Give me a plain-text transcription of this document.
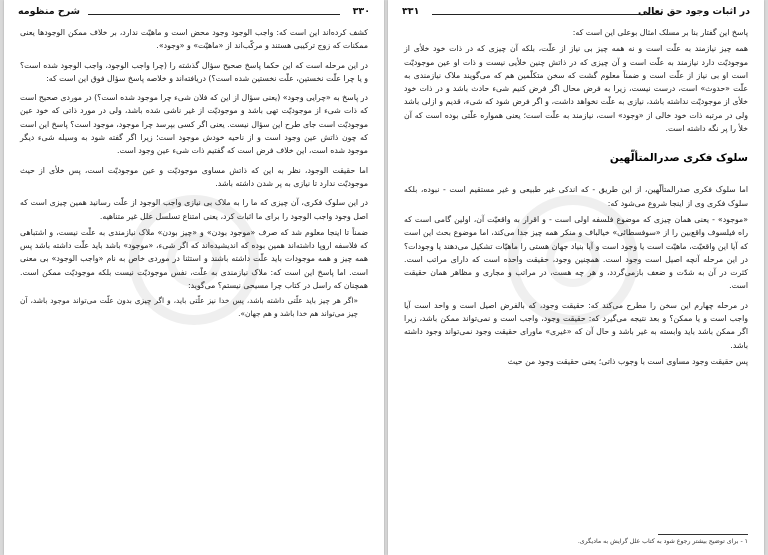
شرح منظومه	۳۳۰

کشف کرده‌اند این است که: واجب الوجود وجود محض است و ماهیّت ندارد، بر خلاف ممکن الوجودها یعنی ممکنات که زوج ترکیبی هستند و مرکّب‌اند از «ماهیّت» و «وجود».

در این مرحله است که این حکما پاسخ صحیح سؤال گذشته را (چرا واجب الوجود، واجب الوجود شده است؟ و یا چرا علّت نخستین، علّت نخستین شده است؟) دریافته‌اند و خلاصه پاسخ سؤال فوق این است که:

در پاسخ به «چرایی وجود» (یعنی سؤال از این که فلان شیء چرا موجود شده است؟) در موردی صحیح است که ذات شیء از موجودیّت تهی باشد و موجودیّت از غیر ناشی شده باشد، ولی در مورد ذاتی که خود عین موجودیّت است جای طرح این سؤال نیست. یعنی اگر کسی بپرسد چرا موجود، موجود است؟ پاسخ این است که چون ذاتش عین وجود است و از ناحیه خودش موجود است؛ زیرا اگر گفته شود به وسیله شیء دیگر موجود شده است، این خلاف فرض است که گفتیم ذات شیء عین وجود است.

اما حقیقت الوجود، نظر به این که ذاتش مساوی موجودیّت و عین موجودیّت است، پس خلأی از حیث موجودیّت ندارد تا نیازی به پر شدن داشته باشد.

در این سلوک فکری، آن چیزی که ما را به ملاک بی نیازی واجب الوجود از علّت رسانید همین چیزی است که اصل وجود واجب الوجود را برای ما اثبات کرد، یعنی امتناع تسلسل علل غیر متناهیه.

ضمناً تا اینجا معلوم شد که صرف «موجود بودن» و «چیز بودن» ملاک نیازمندی به علّت نیست، و اشتباهی که فلاسفه اروپا داشته‌اند همین بوده که اندیشیده‌اند که اگر شیء، «موجود» باشد باید علّت داشته باشد پس همه چیز و همه موجودات باید علّت داشته باشند و استثنا در موردی خاص به نام «واجب الوجود» بی معنی است. اما پاسخ این است که: ملاک نیازمندی به علّت، نفس موجودیّت نیست بلکه موجودیّت ممکن است. همچنان که راسل در کتاب چرا مسیحی نیستم؟ می‌گوید:

«اگر هر چیز باید علّتی داشته باشد، پس خدا نیز علّتی باید، و اگر چیزی بدون علّت می‌تواند موجود باشد، آن چیز می‌تواند هم خدا باشد و هم جهان».

۳۳۱	در اثبات وجود حق تعالی

پاسخ این گفتار بنا بر مسلک امثال بوعلی این است که:

همه چیز نیازمند به علّت است و نه همه چیز بی نیاز از علّت، بلکه آن چیزی که در ذات خود خلأی از موجودیّت دارد نیازمند به علّت است و آن چیزی که در ذاتش چنین خلأیی نیست و ذات او عین موجودیّت است او بی نیاز از علّت است و ضمناً معلوم گشت که سخن متکلّمین هم که می‌گویند ملاک نیازمندی به علّت «حدوث» است، درست نیست، زیرا به فرض محال اگر فرض کنیم شیء حادث باشد و در ذات خود خلأی از موجودیّت نداشته باشد، نیازی به علّت نخواهد داشت، و اگر فرض شود که شیء، قدیم و ازلی باشد ولی در مرتبه ذات خود خالی از «وجود» است، نیازمند به علّت است؛ یعنی همواره علّتی بوده است که آن خلأ را پر نگه داشته است.

سلوک فکری صدرالمتألّهین

اما سلوک فکری صدرالمتألّهین، از این طریق - که اندکی غیر طبیعی و غیر مستقیم است - نبوده، بلکه سلوک فکری وی از اینجا شروع می‌شود که:

«موجود» - یعنی همان چیزی که موضوع فلسفه اولی است - و اقرار به واقعیّت آن، اولین گامی است که راه فیلسوف واقع‌بین را از «سوفسطائی» خیالباف و منکر همه چیز جدا می‌کند، اما موضوع بحث این است که آیا این واقعیّت، ماهیّت است یا وجود است و آیا بنیاد جهان هستی را ماهیّات تشکیل می‌دهند یا وجودات؟ در این مرحله آنچه اصیل است وجود است. همچنین وجود، حقیقت واحده است که دارای مراتب است. کثرت در آن به شدّت و ضعف بازمی‌گردد، و هر چه هست، در مراتب و مجاری و مظاهر همان حقیقت است.

در مرحله چهارم این سخن را مطرح می‌کند که: حقیقت وجود، که بالفرض اصیل است و واحد است آیا واجب است و یا ممکن؟ و بعد نتیجه می‌گیرد که: حقیقت وجود، واجب است و نمی‌تواند ممکن باشد، زیرا اگر ممکن باشد باید وابسته به غیر باشد و حال آن که «غیری» ماورای حقیقت وجود نمی‌تواند وجود داشته باشد.

پس حقیقت وجود مساوی است با وجوب ذاتی؛ یعنی حقیقت وجود من حیث

۱ - برای توضیح بیشتر رجوع شود به کتاب علل گرایش به مادیگری.
